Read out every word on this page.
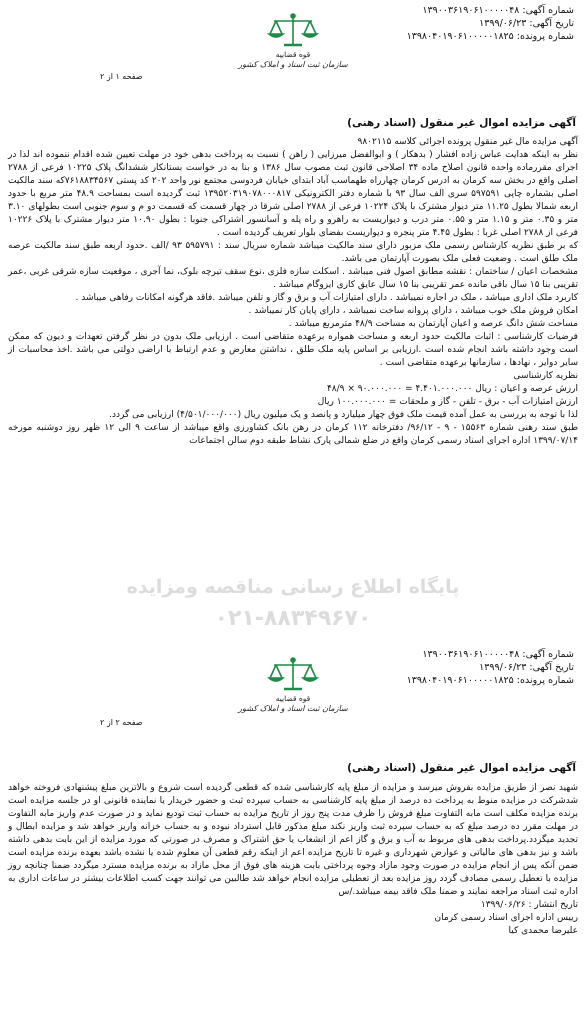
شماره آگهی: ۱۳۹۰۰۳۶۱۹۰۶۱۰۰۰۰۰۴۸
تاریخ آگهی: ۱۳۹۹/۰۶/۲۳
شماره پرونده: ۱۳۹۸۰۴۰۱۹۰۶۱۰۰۰۰۰۱۸۲۵
قوه قضاییه
سازمان ثبت اسناد و املاک کشور
صفحه ۱ از ۲
آگهی مزایده اموال غیر منقول (اسناد رهنی)

آگهی مزایده مال غیر منقول پرونده اجرائی کلاسه ۹۸۰۲۱۱۵

نظر به اینکه هدایت عباس زاده افشار ( بدهکار ) و ابوالفضل میرزایی ( راهن ) نسبت به پرداخت بدهی خود در مهلت تعیین شده اقدام ننموده اند لذا در اجرای مقررماده واحده قانون اصلاح ماده ۳۴ اصلاحی قانون ثبت مصوب سال ۱۳۸۶ و بنا به در خواست بستانکار ششدانگ پلاک ۱۰۲۲۵ فرعی از ۲۷۸۸ اصلی واقع در بخش سه کرمان به ادرس کرمان چهارراه طهماسب آباد ابتدای خیابان فردوسی مجتمع نور واحد ۲۰۲ کد پستی ۷۶۱۸۸۳۴۵۶۷که سند مالکیت اصلی بشماره چاپی ۵۹۷۵۹۱ سری الف سال ۹۳ با شماره دفتر الکترونیکی ۱۳۹۵۲۰۳۱۹۰۷۸۰۰۰۸۱۷ ثبت گردیده است بمساحت ۴۸.۹ متر مربع با حدود اربعه شمالا بطول ۱۱.۲۵ متر دیوار مشترک با پلاک ۱۰۲۲۴ فرعی از ۲۷۸۸ اصلی شرقا در چهار قسمت که قسمت دو م و سوم جنوبی است بطولهای ۳.۱۰ متر و ۰.۳۵ متر و ۱.۱۵ متر و ۰.۵۵ متر درب و دیواریست به راهرو و راه پله و آسانسور اشتراکی جنوبا : بطول ۱۰.۹۰ متر دیوار مشترک با پلاک ۱۰۲۲۶ فرعی از ۲۷۸۸ اصلی غربا : بطول ۴.۴۵ متر پنجره و دیواریست بفضای بلوار تعریف گردیده است .

که بر طبق نظریه کارشناس رسمی ملک مزبور دارای سند مالکیت میباشد شماره سریال سند : ۵۹۵۷۹۱ ۹۳ /الف .حدود اربعه طبق سند مالکیت عرصه ملک طلق است . وضعیت فعلی ملک بصورت آپارتمان می باشد.

مشخصات اعیان / ساختمان : نقشه مطابق اصول فنی میباشد . اسکلت سازه فلزی ،نوع سقف تیرچه بلوک، نما آجری ، موقعیت سازه شرقی غربی ،عمر تقریبی بنا ۱۵ سال باقی مانده عمر تقریبی بنا ۱۵ سال عایق کاری ایزوگام میباشد .

کاربرد ملک اداری میباشد ، ملک در اجاره نمیباشد . دارای امتیازات آب و برق و گاز و تلفن میباشد .فاقد هرگونه امکانات رفاهی میباشد .

امکان فروش ملک خوب میباشد ، دارای پروانه ساخت نمیباشد ، دارای پایان کار نمیباشد .

مساحت شش دانگ عرصه و اعیان آپارتمان به مساحت ۴۸/۹ مترمربع میباشد .

فرضیات کارشناسی : اثبات مالکیت حدود اربعه و مساحت همواره برعهده متقاضی است . ارزیابی ملک بدون در نظر گرفتن تعهدات و دیون که ممکن است وجود داشته باشد انجام شده است .ارزیابی بر اساس پایه ملک طلق ، نداشتن معارض و عدم ارتباط با اراضی دولتی می باشد .اخذ محاسبات از سایر دوایر ، نهادها ، سازمانها برعهده متقاضی است .

نظریه کارشناسی

ارزش عرصه و اعیان : ریال ۴.۴۰۱.۰۰۰.۰۰۰ = ۹۰.۰۰۰.۰۰۰ × ۴۸/۹

ارزش امتیازات آب - برق - تلفن - گاز و ملحقات = ۱۰۰.۰۰۰.۰۰۰ ریال

لذا با توجه به بررسی به عمل آمده قیمت ملک فوق چهار میلیارد و پانصد و یک میلیون ریال (۴/۵۰۱/۰۰۰/۰۰۰) ارزیابی می گردد.

طبق سند رهنی شماره ۱۵۵۶۳ - ۹ - ۹۶/۱۲/ دفترخانه ۱۱۲ کرمان در رهن بانک کشاورزی واقع میباشد از ساعت ۹ الی ۱۲ ظهر روز دوشنبه مورخه ۱۳۹۹/۰۷/۱۴ اداره اجرای اسناد رسمی کرمان واقع در ضلع شمالی پارک نشاط طبقه دوم سالن اجتماعات

پایگاه اطلاع رسانی مناقصه ومزایده
۰۲۱-۸۸۳۴۹۶۷۰
شماره آگهی: ۱۳۹۰۰۳۶۱۹۰۶۱۰۰۰۰۰۴۸
تاریخ آگهی: ۱۳۹۹/۰۶/۲۳
شماره پرونده: ۱۳۹۸۰۴۰۱۹۰۶۱۰۰۰۰۰۱۸۲۵
قوه قضاییه
سازمان ثبت اسناد و املاک کشور
صفحه ۲ از ۲
آگهی مزایده اموال غیر منقول (اسناد رهنی)

شهید نصر از طریق مزایده بفروش میرسد و مزایده از مبلغ پایه کارشناسی شده که قطعی گردیده است شروع و بالاترین مبلغ پیشنهادی فروخته خواهد شدشرکت در مزایده منوط به پرداخت ده درصد از مبلغ پایه کارشناسی به حساب سپرده ثبت و حضور خریدار یا نماینده قانونی او در جلسه مزایده است برنده مزایده مکلف است مابه التفاوت مبلغ فروش را ظرف مدت پنج روز از تاریخ مزایده به حساب ثبت تودیع نماید و در صورت عدم واریز مابه التفاوت در مهلت مقرر ده درصد مبلغ که به حساب سپرده ثبت واریز نکند مبلغ مذکور قابل استرداد نبوده و به حساب خزانه واریز خواهد شد و مزایده ابطال و تجدید میگردد.پرداخت بدهی های مربوط به آب و برق و گاز اعم از انشعاب یا حق اشتراک و مصرف در صورتی که مورد مزایده از این بابت بدهی داشته باشد و نیز بدهی های مالیاتی و عوارض شهرداری و غیره تا تاریخ مزایده اعم از اینکه رقم قطعی آن معلوم شده یا نشده باشد بعهده برنده مزایده است ضمن آنکه پس از انجام مزایده در صورت وجود مازاد وجوه پرداختی بابت هزینه های فوق از محل مازاد به برنده مزایده مسترد میگردد ضمنا چنانچه روز مزایده با تعطیل رسمی مصادف گردد روز مزایده بعد از تعطیلی مزایده انجام خواهد شد طالبین می توانند جهت کسب اطلاعات بیشتر در ساعات اداری به اداره ثبت اسناد مراجعه نمایند و ضمنا ملک فاقد بیمه میباشد./س

تاریخ انتشار : ۱۳۹۹/۰۶/۲۶

رییس اداره اجرای اسناد رسمی کرمان

علیرضا محمدی کیا
